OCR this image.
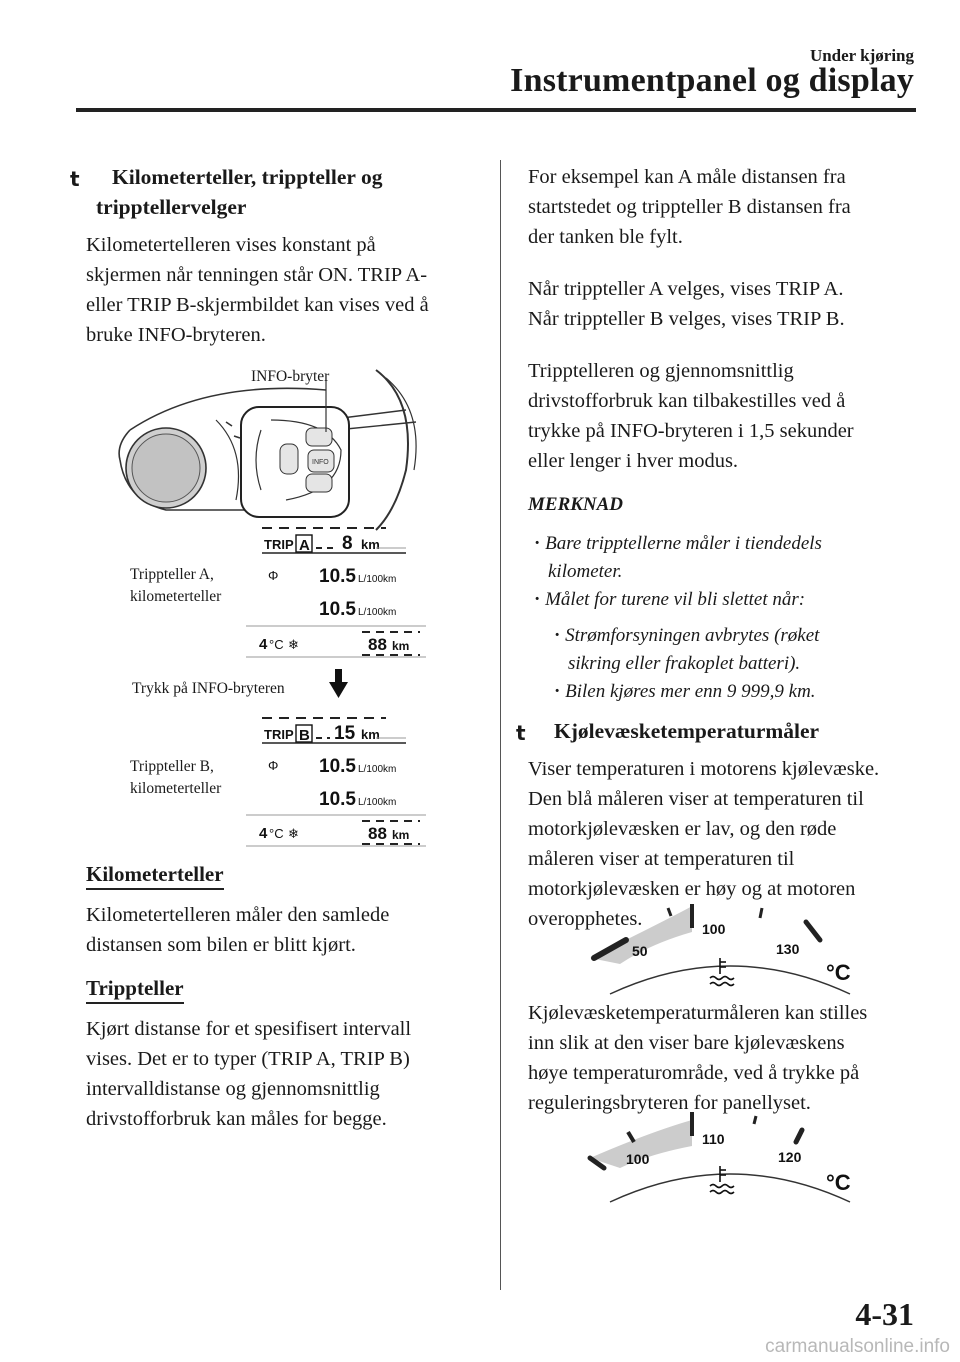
Under kjøring
Instrumentpanel og display
t Kilometerteller, trippteller og
tripptellervelger
Kilometertelleren vises konstant på
skjermen når tenningen står ON. TRIP A-
eller TRIP B-skjermbildet kan vises ved å
bruke INFO-bryteren.
INFO
TRIP A 8 km
Φ 10.5 L/100km
10.5 L/100km
4 °C ❄	88 km
TRIP B 15 km
Φ 10.5 L/100km
10.5 L/100km
4 °C ❄	88 km
INFO-bryter
Trippteller A,
kilometerteller
Trykk på INFO-bryteren
Trippteller B,
kilometerteller
Kilometerteller
Kilometertelleren måler den samlede
distansen som bilen er blitt kjørt.
Trippteller
Kjørt distanse for et spesifisert intervall
vises. Det er to typer (TRIP A, TRIP B)
intervalldistanse og gjennomsnittlig
drivstofforbruk kan måles for begge.
For eksempel kan A måle distansen fra
startstedet og trippteller B distansen fra
der tanken ble fylt.
Når trippteller A velges, vises TRIP A.
Når trippteller B velges, vises TRIP B.
Tripptelleren og gjennomsnittlig
drivstofforbruk kan tilbakestilles ved å
trykke på INFO-bryteren i 1,5 sekunder
eller lenger i hver modus.
MERKNAD
· Bare tripptellerne måler i tiendedels
kilometer.
· Målet for turene vil bli slettet når:
· Strømforsyningen avbrytes (røket
sikring eller frakoplet batteri).
· Bilen kjøres mer enn 9 999,9 km.
t Kjølevæsketemperaturmåler
Viser temperaturen i motorens kjølevæske.
Den blå måleren viser at temperaturen til
motorkjølevæsken er lav, og den røde
måleren viser at temperaturen til
motorkjølevæsken er høy og at motoren
overopphetes.
50
100
130
°C
Kjølevæsketemperaturmåleren kan stilles
inn slik at den viser bare kjølevæskens
høye temperaturområde, ved å trykke på
reguleringsbryteren for panellyset.
100
110
120
°C
4-31
carmanualsonline.info
